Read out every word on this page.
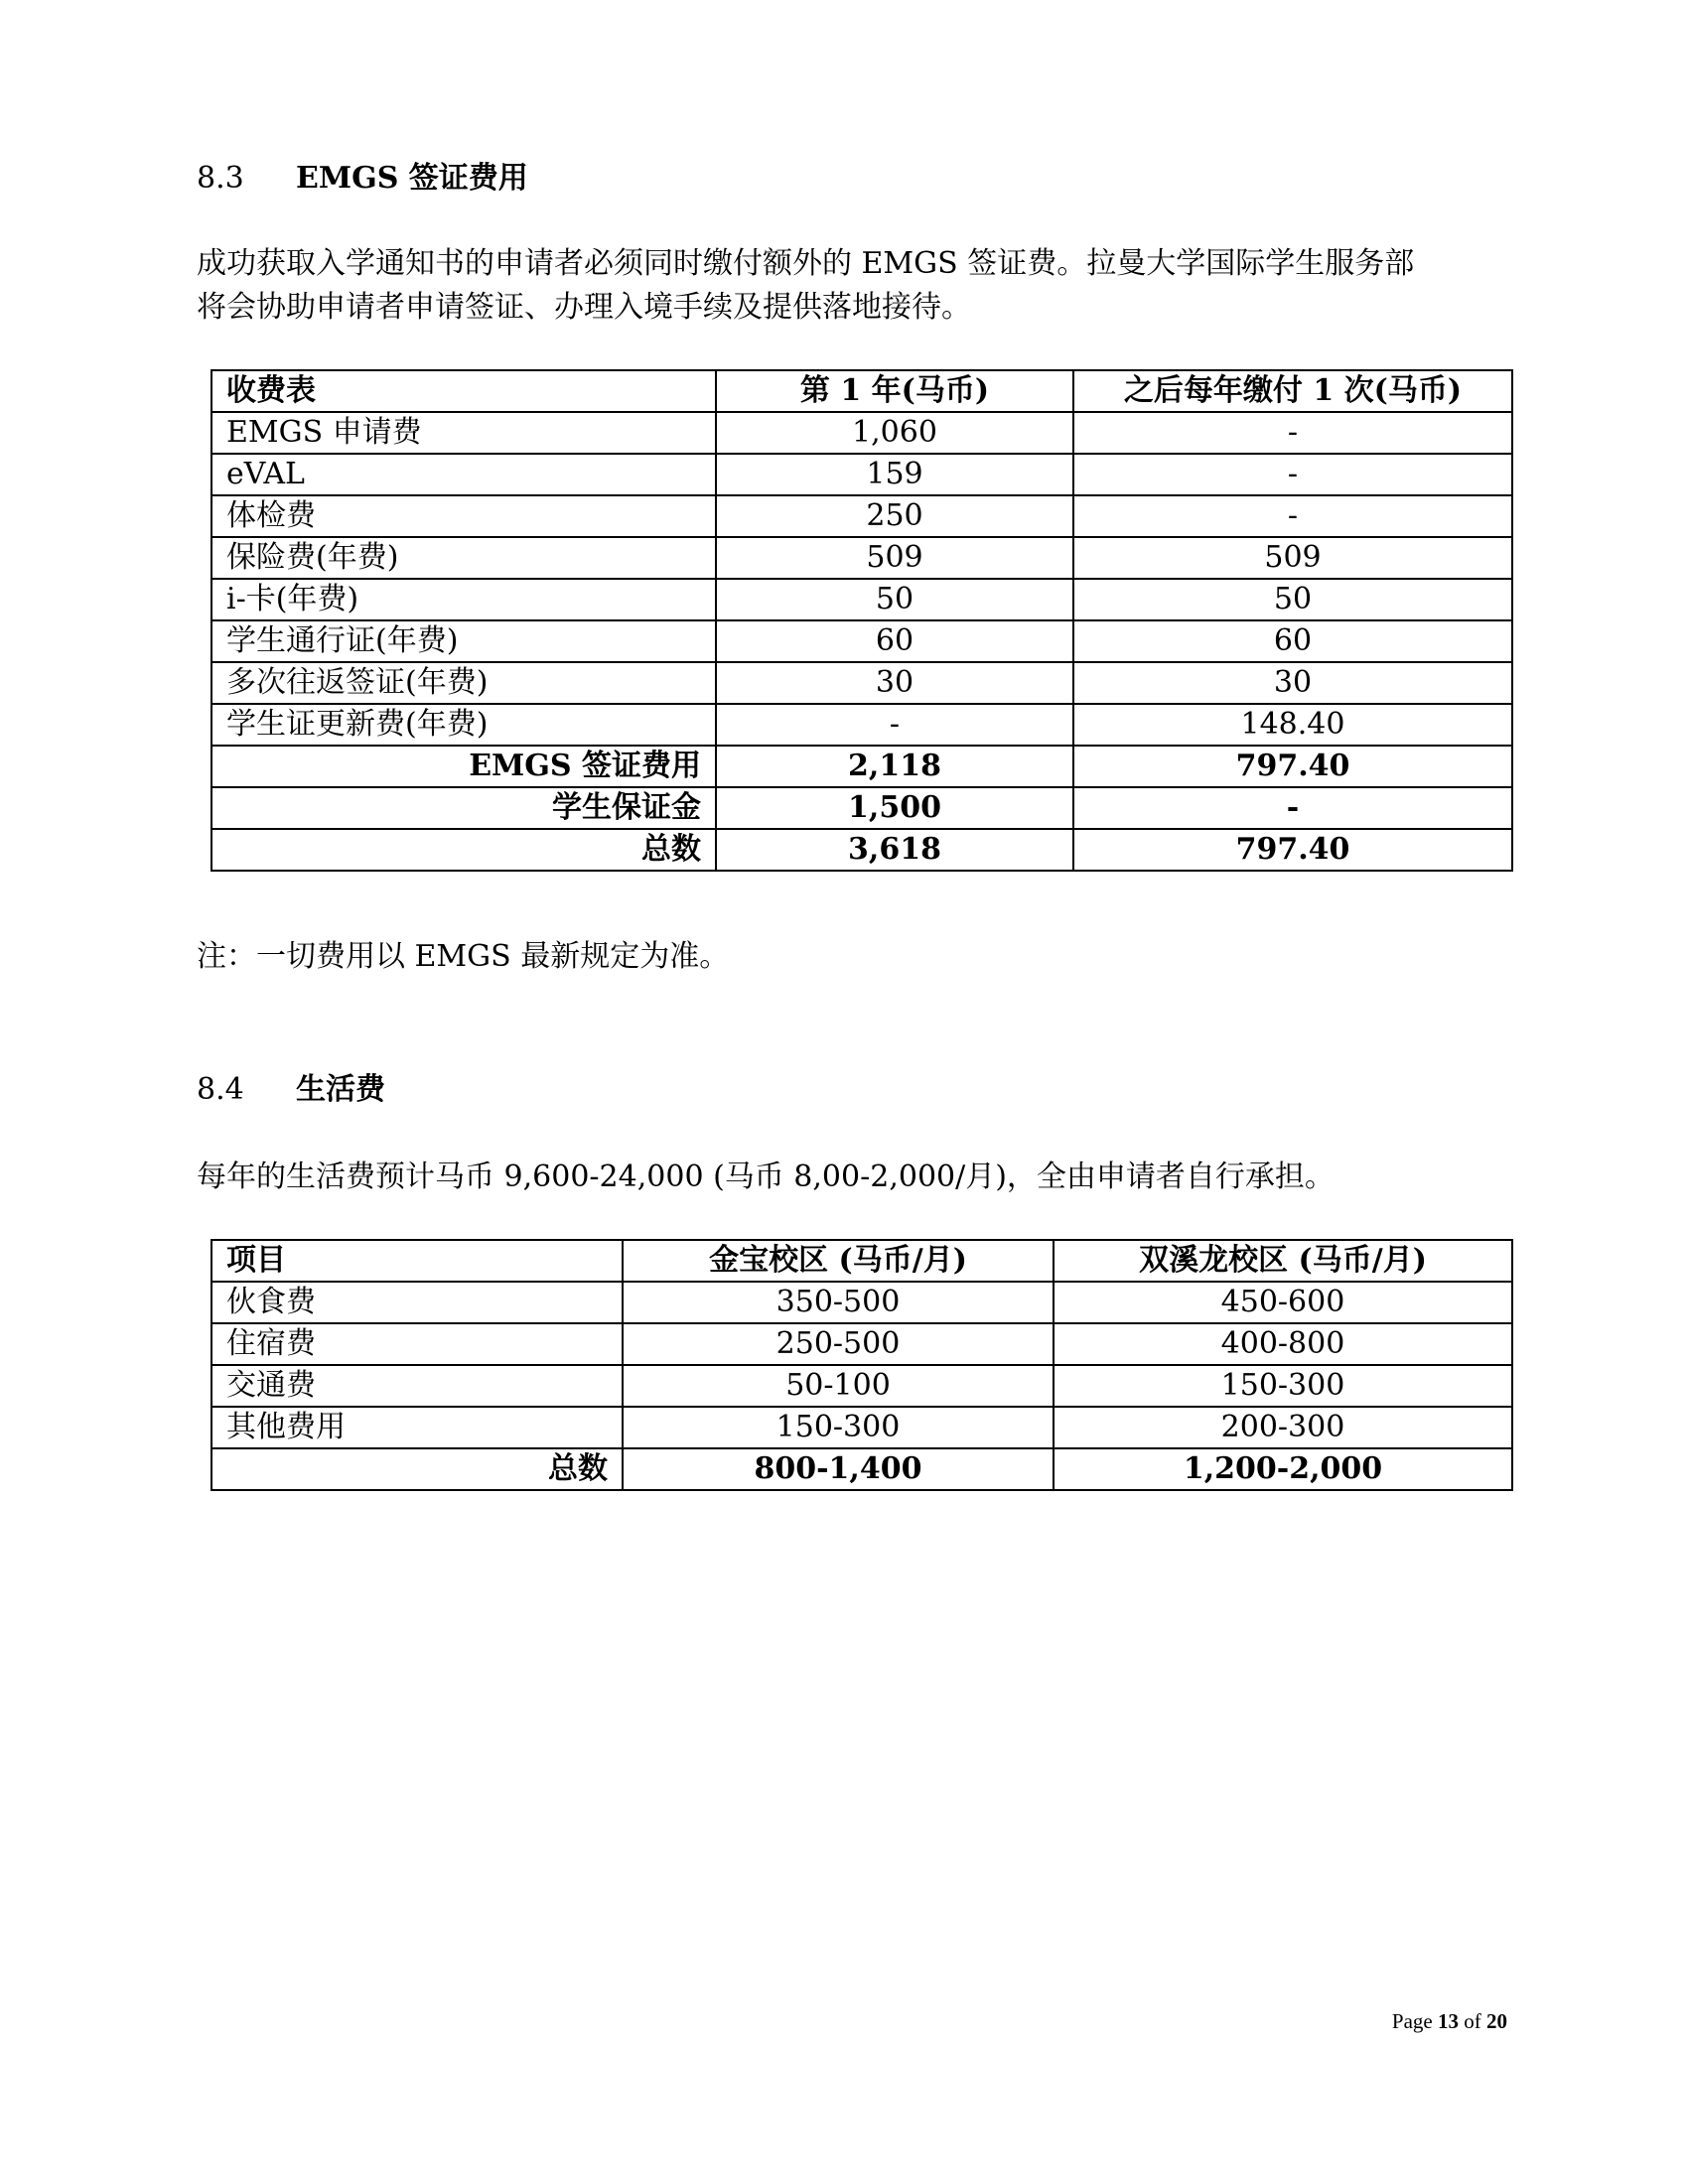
8.3 EMGS 签证费用
成功获取入学通知书的申请者必须同时缴付额外的 EMGS 签证费。拉曼大学国际学生服务部
将会协助申请者申请签证、办理入境手续及提供落地接待。
收费表	第 1 年(马币)	之后每年缴付 1 次(马币)
EMGS 申请费	1,060	-
eVAL	159	-
体检费	250	-
保险费(年费)	509	509
i-卡(年费)	50	50
学生通行证(年费)	60	60
多次往返签证(年费)	30	30
学生证更新费(年费)	-	148.40
EMGS 签证费用	2,118	797.40
学生保证金	1,500	-
总数	3,618	797.40
注：一切费用以 EMGS 最新规定为准。
8.4 生活费
每年的生活费预计马币 9,600-24,000 (马币 8,00-2,000/月)，全由申请者自行承担。
项目	金宝校区 (马币/月)	双溪龙校区 (马币/月)
伙食费	350-500	450-600
住宿费	250-500	400-800
交通费	50-100	150-300
其他费用	150-300	200-300
总数	800-1,400	1,200-2,000
Page 13 of 20
